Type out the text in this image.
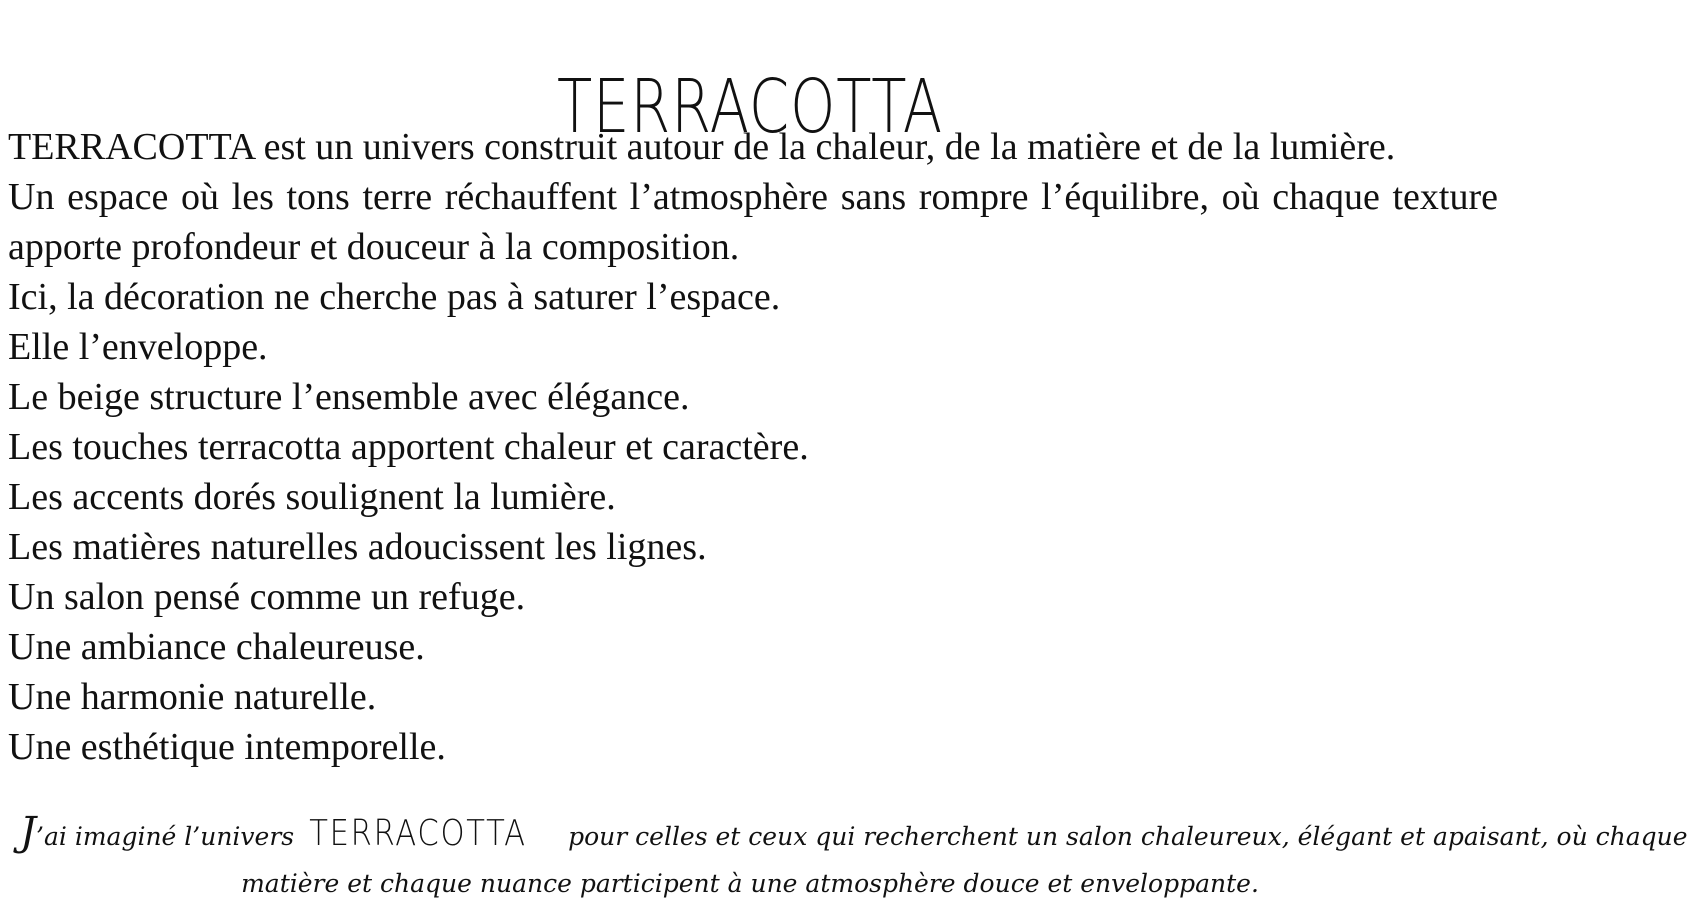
TERRACOTTA
TERRACOTTA est un univers construit autour de la chaleur, de la matière et de la lumière.
Un espace où les tons terre réchauffent l’atmosphère sans rompre l’équilibre, où chaque texture apporte profondeur et douceur à la composition.
Ici, la décoration ne cherche pas à saturer l’espace.
Elle l’enveloppe.
Le beige structure l’ensemble avec élégance.
Les touches terracotta apportent chaleur et caractère.
Les accents dorés soulignent la lumière.
Les matières naturelles adoucissent les lignes.
Un salon pensé comme un refuge.
Une ambiance chaleureuse.
Une harmonie naturelle.
Une esthétique intemporelle.
J’ai imaginé l’univers TERRACOTTA pour celles et ceux qui recherchent un salon chaleureux, élégant et apaisant, où chaque
matière et chaque nuance participent à une atmosphère douce et enveloppante.
